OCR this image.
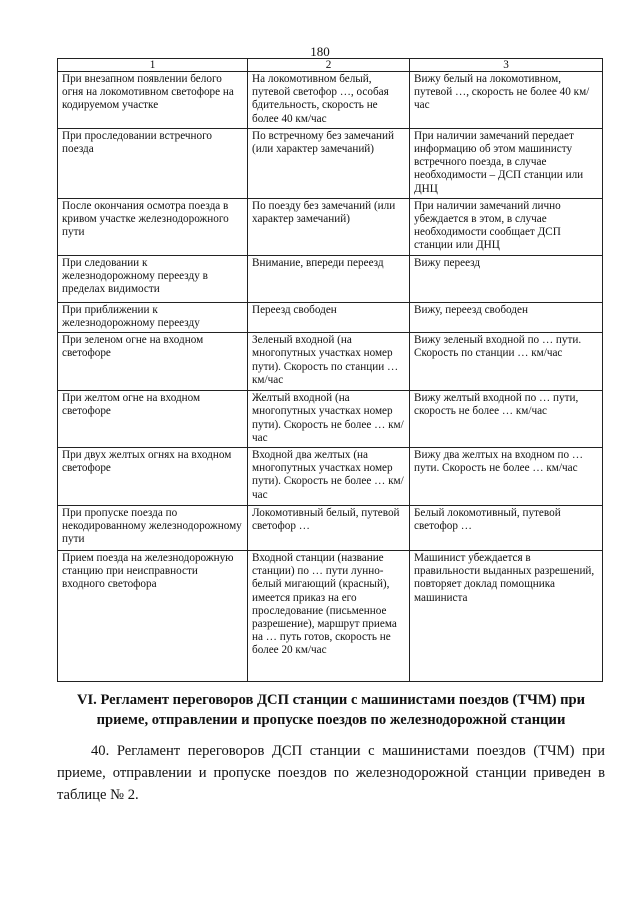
180
1	2	3
При внезапном появлении белого огня на локомотивном светофоре на кодируемом участке	На локомотивном белый, путевой светофор …, особая бдительность, скорость не более 40 км/час	Вижу белый на локомотивном, путевой …, скорость не более 40 км/час
При проследовании встречного поезда	По встречному без замечаний (или характер замечаний)	При наличии замечаний передает информацию об этом машинисту встречного поезда, в случае необходимости – ДСП станции или ДНЦ
После окончания осмотра поезда в кривом участке железнодорожного пути	По поезду без замечаний (или характер замечаний)	При наличии замечаний лично убеждается в этом, в случае необходимости сообщает ДСП станции или ДНЦ
При следовании к железнодорожному переезду в пределах видимости	Внимание, впереди переезд	Вижу переезд
При приближении к железнодорожному переезду	Переезд свободен	Вижу, переезд свободен
При зеленом огне на входном светофоре	Зеленый входной (на многопутных участках номер пути). Скорость по станции … км/час	Вижу зеленый входной по … пути. Скорость по станции … км/час
При желтом огне на входном светофоре	Желтый входной (на многопутных участках номер пути). Скорость не более … км/час	Вижу желтый входной по … пути, скорость не более … км/час
При двух желтых огнях на входном светофоре	Входной два желтых (на многопутных участках номер пути). Скорость не более … км/час	Вижу два желтых на входном по … пути. Скорость не более … км/час
При пропуске поезда по некодированному железнодорожному пути	Локомотивный белый, путевой светофор …	Белый локомотивный, путевой светофор …
Прием поезда на железнодорожную станцию при неисправности входного светофора	Входной станции (название станции) по … пути лунно-белый мигающий (красный), имеется приказ на его проследование (письменное разрешение), маршрут приема на … путь готов, скорость не более 20 км/час	Машинист убеждается в правильности выданных разрешений, повторяет доклад помощника машиниста
VI. Регламент переговоров ДСП станции с машинистами поездов (ТЧМ) при приеме, отправлении и пропуске поездов по железнодорожной станции
40. Регламент переговоров ДСП станции с машинистами поездов (ТЧМ) при приеме, отправлении и пропуске поездов по железнодорожной станции приведен в таблице № 2.
